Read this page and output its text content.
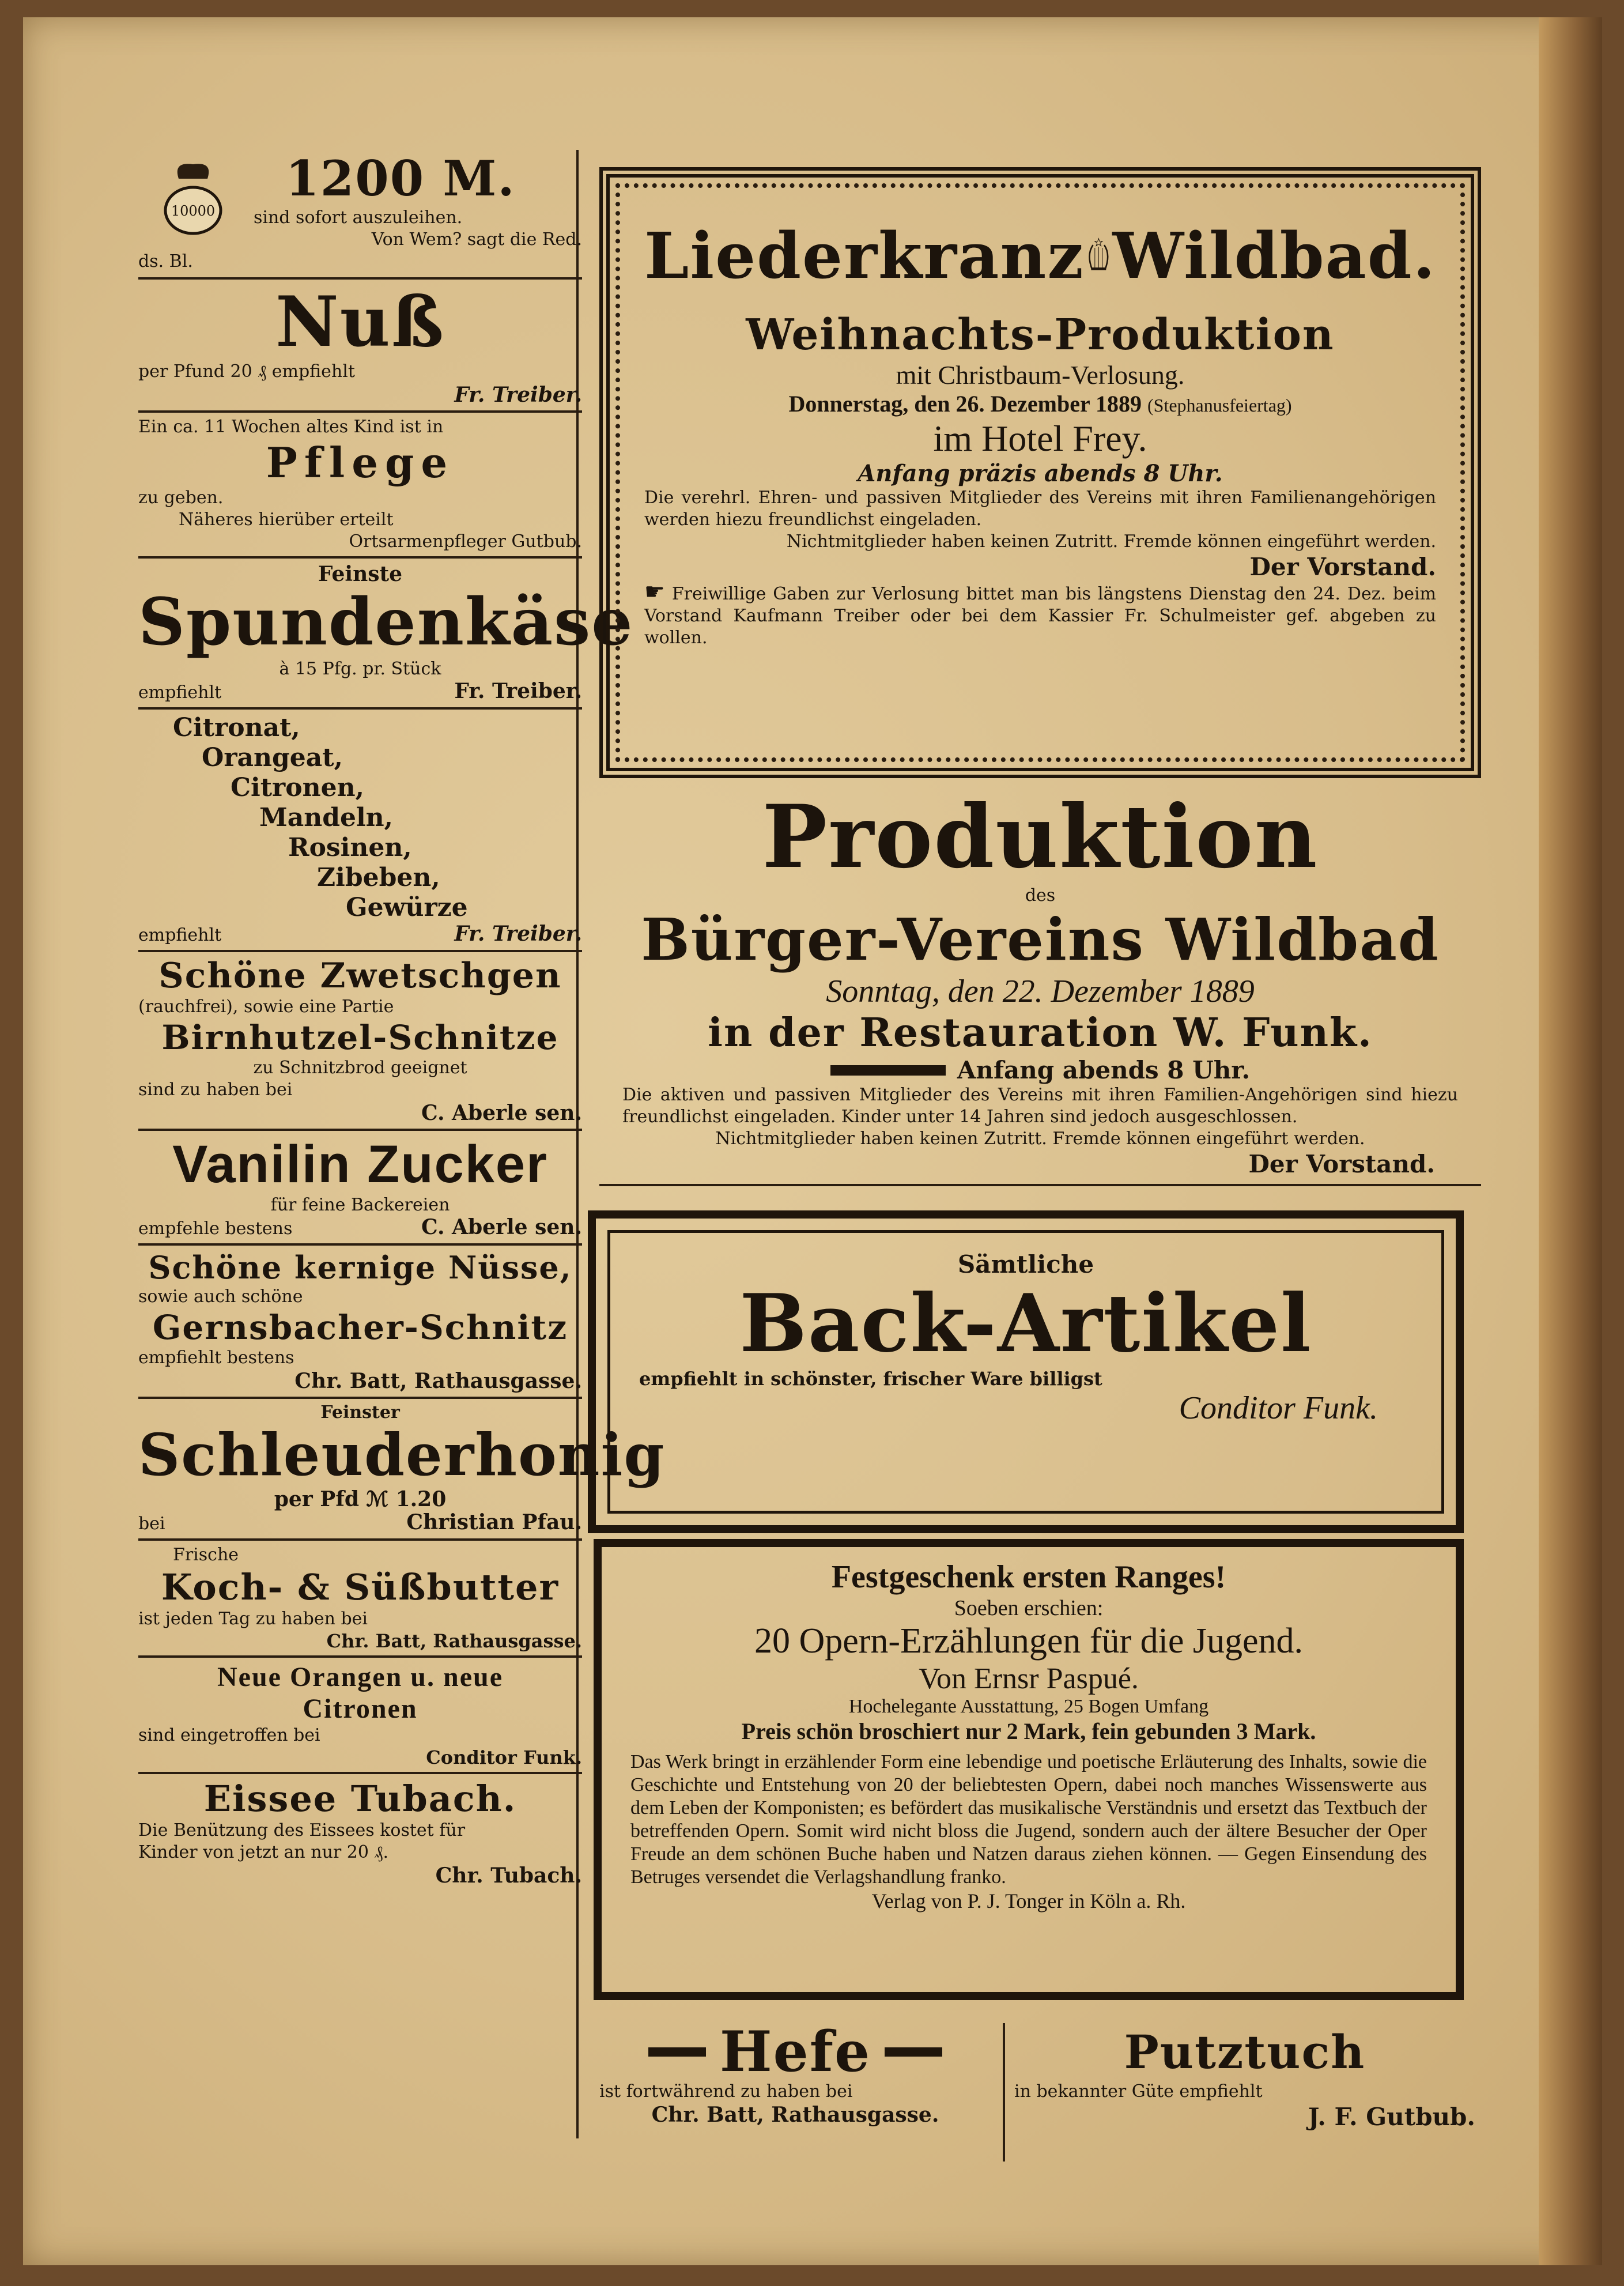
10000
1200 M.
sind sofort auszuleihen.
Von Wem? sagt die Red.
ds. Bl.
Nuß
per Pfund 20 ₰ empfiehlt
Fr. Treiber.
Ein ca. 11 Wochen altes Kind ist in
Pflege
zu geben.
Näheres hierüber erteilt
Ortsarmenpfleger Gutbub.
Feinste
Spundenkäse
à 15 Pfg. pr. Stück
empfiehlt	Fr. Treiber.
Citronat,
Orangeat,
Citronen,
Mandeln,
Rosinen,
Zibeben,
Gewürze
empfiehlt	Fr. Treiber.
Schöne Zwetschgen
(rauchfrei), sowie eine Partie
Birnhutzel-Schnitze
zu Schnitzbrod geeignet
sind zu haben bei
C. Aberle sen.
Vanilin Zucker
für feine Backereien
empfehle bestens	C. Aberle sen.
Schöne kernige Nüsse,
sowie auch schöne
Gernsbacher-Schnitz
empfiehlt bestens
Chr. Batt, Rathausgasse.
Feinster
Schleuderhonig
per Pfd ℳ 1.20
bei	Christian Pfau.
Frische
Koch- & Süßbutter
ist jeden Tag zu haben bei
Chr. Batt, Rathausgasse.
Neue Orangen u. neue
Citronen
sind eingetroffen bei
Conditor Funk.
Eissee Tubach.
Die Benützung des Eissees kostet für
Kinder von jetzt an nur 20 ₰.
Chr. Tubach.
Liederkranz Wildbad.
Weihnachts-Produktion
mit Christbaum-Verlosung.
Donnerstag, den 26. Dezember 1889 (Stephanusfeiertag)
im Hotel Frey.
Anfang präzis abends 8 Uhr.
Die verehrl. Ehren- und passiven Mitglieder des Vereins mit ihren Familienangehörigen werden hiezu freundlichst eingeladen.
Nichtmitglieder haben keinen Zutritt. Fremde können eingeführt werden.
Der Vorstand.
☛ Freiwillige Gaben zur Verlosung bittet man bis längstens Dienstag den 24. Dez. beim Vorstand Kaufmann Treiber oder bei dem Kassier Fr. Schulmeister gef. abgeben zu wollen.
Produktion
des
Bürger-Vereins Wildbad
Sonntag, den 22. Dezember 1889
in der Restauration W. Funk.
Anfang abends 8 Uhr.
Die aktiven und passiven Mitglieder des Vereins mit ihren Familien-Angehörigen sind hiezu freundlichst eingeladen. Kinder unter 14 Jahren sind jedoch ausgeschlossen.
Nichtmitglieder haben keinen Zutritt. Fremde können eingeführt werden.
Der Vorstand.
Sämtliche
Back-Artikel
empfiehlt in schönster, frischer Ware billigst
Conditor Funk.
Festgeschenk ersten Ranges!
Soeben erschien:
20 Opern-Erzählungen für die Jugend.
Von Ernsr Paspué.
Hochelegante Ausstattung, 25 Bogen Umfang
Preis schön broschiert nur 2 Mark, fein gebunden 3 Mark.
Das Werk bringt in erzählender Form eine lebendige und poetische Erläuterung des Inhalts, sowie die Geschichte und Entstehung von 20 der beliebtesten Opern, dabei noch manches Wissenswerte aus dem Leben der Komponisten; es befördert das musikalische Verständnis und ersetzt das Textbuch der betreffenden Opern. Somit wird nicht bloss die Jugend, sondern auch der ältere Besucher der Oper Freude an dem schönen Buche haben und Natzen daraus ziehen können. — Gegen Einsendung des Betruges versendet die Verlagshandlung franko.
Verlag von P. J. Tonger in Köln a. Rh.
Hefe
ist fortwährend zu haben bei
Chr. Batt, Rathausgasse.
Putztuch
in bekannter Güte empfiehlt
J. F. Gutbub.
